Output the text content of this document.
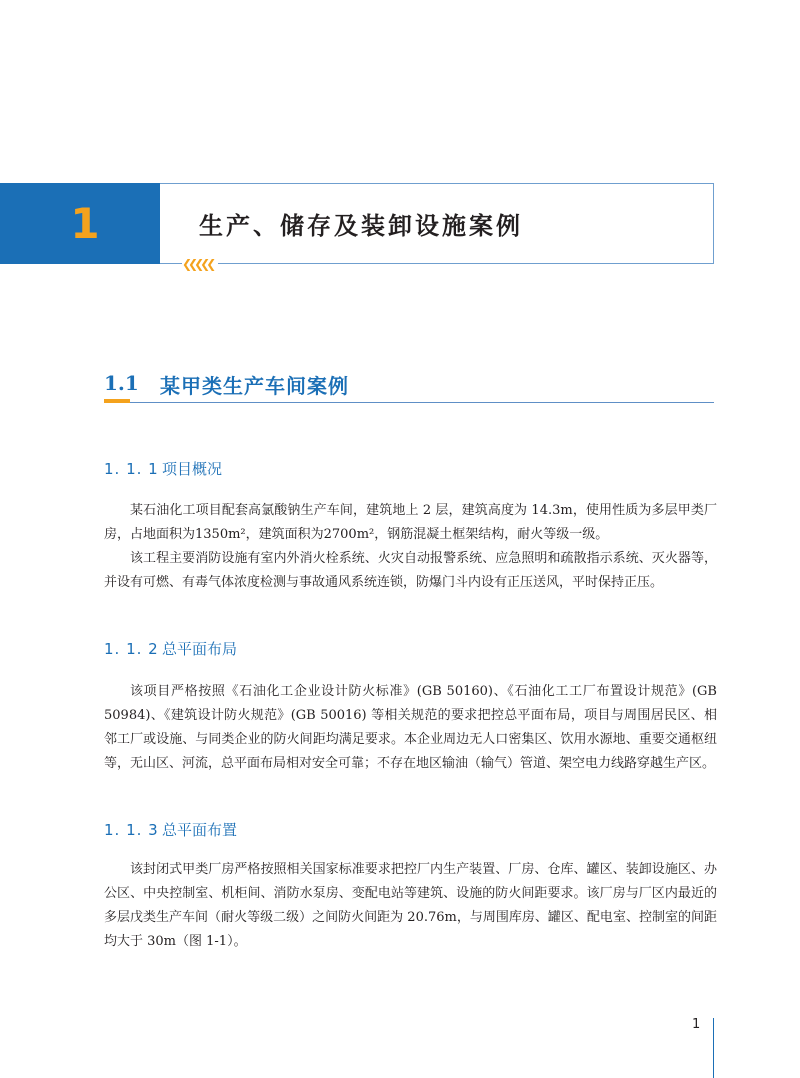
1	生产、储存及装卸设施案例
❮❮❮❮❮
1.1 某甲类生产车间案例
1. 1. 1 项目概况

某石油化工项目配套高氯酸钠生产车间，建筑地上 2 层，建筑高度为 14.3m，使用性质为多层甲类厂房，占地面积为1350m²，建筑面积为2700m²，钢筋混凝土框架结构，耐火等级一级。

该工程主要消防设施有室内外消火栓系统、火灾自动报警系统、应急照明和疏散指示系统、灭火器等，并设有可燃、有毒气体浓度检测与事故通风系统连锁，防爆门斗内设有正压送风，平时保持正压。

1. 1. 2 总平面布局

该项目严格按照《石油化工企业设计防火标准》(GB 50160)、《石油化工工厂布置设计规范》(GB 50984)、《建筑设计防火规范》(GB 50016) 等相关规范的要求把控总平面布局，项目与周围居民区、相邻工厂或设施、与同类企业的防火间距均满足要求。本企业周边无人口密集区、饮用水源地、重要交通枢纽等，无山区、河流，总平面布局相对安全可靠；不存在地区输油（输气）管道、架空电力线路穿越生产区。

1. 1. 3 总平面布置

该封闭式甲类厂房严格按照相关国家标准要求把控厂内生产装置、厂房、仓库、罐区、装卸设施区、办公区、中央控制室、机柜间、消防水泵房、变配电站等建筑、设施的防火间距要求。该厂房与厂区内最近的多层戊类生产车间（耐火等级二级）之间防火间距为 20.76m，与周围库房、罐区、配电室、控制室的间距均大于 30m（图 1-1）。

1
